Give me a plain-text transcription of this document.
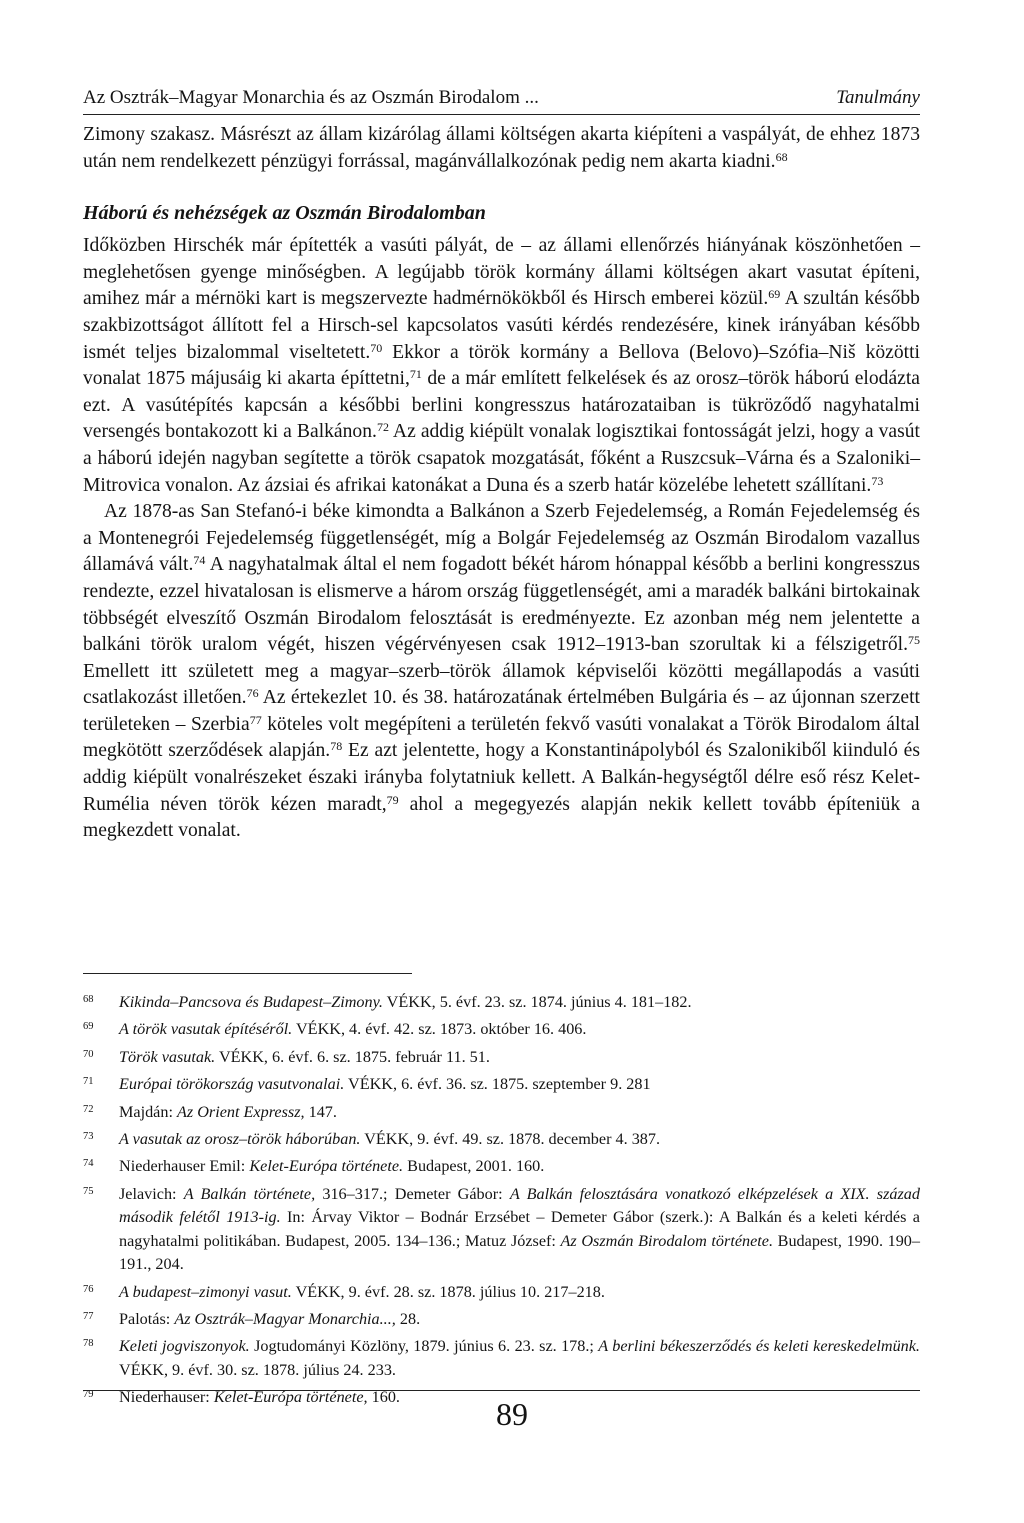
Az Osztrák–Magyar Monarchia és az Oszmán Birodalom ...	Tanulmány

Zimony szakasz. Másrészt az állam kizárólag állami költségen akarta kiépíteni a vaspályát, de ehhez 1873 után nem rendelkezett pénzügyi forrással, magánvállalkozónak pedig nem akarta kiadni.$^{68}$

Háború és nehézségek az Oszmán Birodalomban

Időközben Hirschék már építették a vasúti pályát, de – az állami ellenőrzés hiányának köszönhetően – meglehetősen gyenge minőségben. A legújabb török kormány állami költségen akart vasutat építeni, amihez már a mérnöki kart is megszervezte hadmérnökökből és Hirsch emberei közül.$^{69}$ A szultán később szakbizottságot állított fel a Hirsch-sel kapcsolatos vasúti kérdés rendezésére, kinek irányában később ismét teljes bizalommal viseltetett.$^{70}$ Ekkor a török kormány a Bellova (Belovo)–Szófia–Niš közötti vonalat 1875 májusáig ki akarta építtetni,$^{71}$ de a már említett felkelések és az orosz–török háború elodázta ezt. A vasútépítés kapcsán a későbbi berlini kongresszus határozataiban is tükröződő nagyhatalmi versengés bontakozott ki a Balkánon.$^{72}$ Az addig kiépült vonalak logisztikai fontosságát jelzi, hogy a vasút a háború idején nagyban segítette a török csapatok mozgatását, főként a Ruszcsuk–Várna és a Szaloniki–Mitrovica vonalon. Az ázsiai és afrikai katonákat a Duna és a szerb határ közelébe lehetett szállítani.$^{73}$

Az 1878-as San Stefanó-i béke kimondta a Balkánon a Szerb Fejedelemség, a Román Fejedelemség és a Montenegrói Fejedelemség függetlenségét, míg a Bolgár Fejedelemség az Oszmán Birodalom vazallus államává vált.$^{74}$ A nagyhatalmak által el nem fogadott békét három hónappal később a berlini kongresszus rendezte, ezzel hivatalosan is elismerve a három ország függetlenségét, ami a maradék balkáni birtokainak többségét elveszítő Oszmán Birodalom felosztását is eredményezte. Ez azonban még nem jelentette a balkáni török uralom végét, hiszen végérvényesen csak 1912–1913-ban szorultak ki a félszigetről.$^{75}$ Emellett itt született meg a magyar–szerb–török államok képviselői közötti megállapodás a vasúti csatlakozást illetően.$^{76}$ Az értekezlet 10. és 38. határozatának értelmében Bulgária és – az újonnan szerzett területeken – Szerbia$^{77}$ köteles volt megépíteni a területén fekvő vasúti vonalakat a Török Birodalom által megkötött szerződések alapján.$^{78}$ Ez azt jelentette, hogy a Konstantinápolyból és Szalonikiből kiinduló és addig kiépült vonalrészeket északi irányba folytatniuk kellett. A Balkán-hegységtől délre eső rész Kelet-Ruméliа néven török kézen maradt,$^{79}$ ahol a megegyezés alapján nekik kellett tovább építeniük a megkezdett vonalat.

68 Kikinda–Pancsova és Budapest–Zimony. VÉKK, 5. évf. 23. sz. 1874. június 4. 181–182.
69 A török vasutak építéséről. VÉKK, 4. évf. 42. sz. 1873. október 16. 406.
70 Török vasutak. VÉKK, 6. évf. 6. sz. 1875. február 11. 51.
71 Európai törökország vasutvonalai. VÉKK, 6. évf. 36. sz. 1875. szeptember 9. 281
72 Majdán: Az Orient Expressz, 147.
73 A vasutak az orosz–török háborúban. VÉKK, 9. évf. 49. sz. 1878. december 4. 387.
74 Niederhauser Emil: Kelet-Európa története. Budapest, 2001. 160.
75 Jelavich: A Balkán története, 316–317.; Demeter Gábor: A Balkán felosztására vonatkozó elképzelések a XIX. század második felétől 1913-ig. In: Árvay Viktor – Bodnár Erzsébet – Demeter Gábor (szerk.): A Balkán és a keleti kérdés a nagyhatalmi politikában. Budapest, 2005. 134–136.; Matuz József: Az Oszmán Birodalom története. Budapest, 1990. 190–191., 204.
76 A budapest–zimonyi vasut. VÉKK, 9. évf. 28. sz. 1878. július 10. 217–218.
77 Palotás: Az Osztrák–Magyar Monarchia..., 28.
78 Keleti jogviszonyok. Jogtudományi Közlöny, 1879. június 6. 23. sz. 178.; A berlini békeszerződés és keleti kereskedelmünk. VÉKK, 9. évf. 30. sz. 1878. július 24. 233.
79 Niederhauser: Kelet-Európa története, 160.	89
